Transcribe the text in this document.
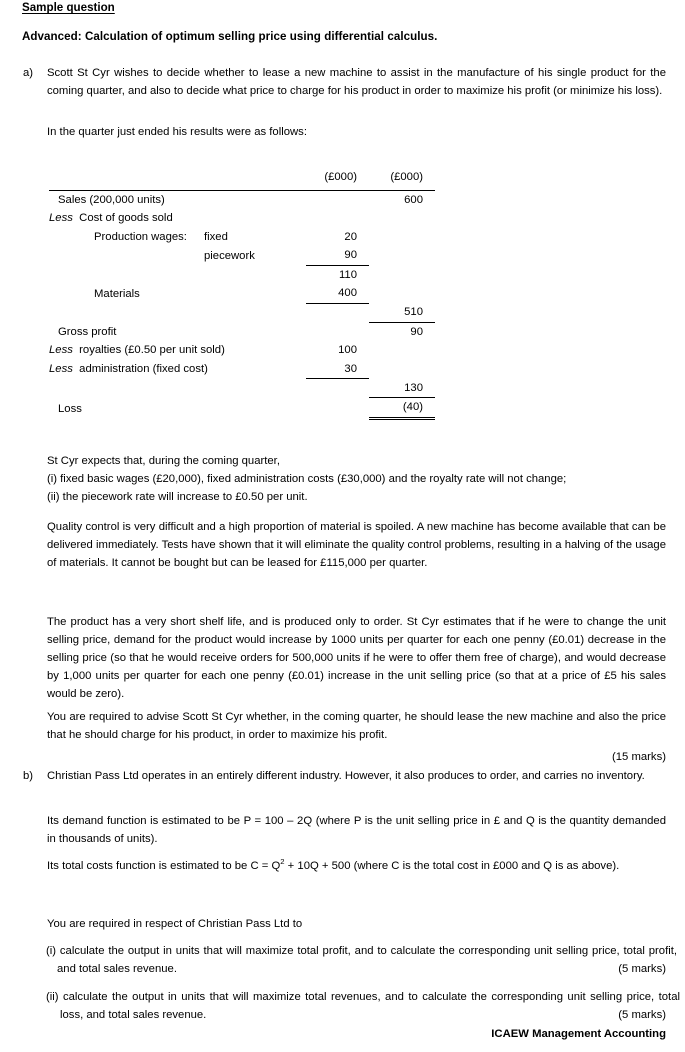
Sample question
Advanced: Calculation of optimum selling price using differential calculus.
a) Scott St Cyr wishes to decide whether to lease a new machine to assist in the manufacture of his single product for the coming quarter, and also to decide what price to charge for his product in order to maximize his profit (or minimize his loss).
In the quarter just ended his results were as follows:
	(£000)	(£000)

Sales (200,000 units)		600
Less Cost of goods sold		
Production wages: fixed	20	
piecework	90	
	110	
Materials	400	
		510
Gross profit		90
Less royalties (£0.50 per unit sold)	100	
Less administration (fixed cost)	30	
		130
Loss		(40)
St Cyr expects that, during the coming quarter,
(i) fixed basic wages (£20,000), fixed administration costs (£30,000) and the royalty rate will not change;
(ii) the piecework rate will increase to £0.50 per unit.
Quality control is very difficult and a high proportion of material is spoiled. A new machine has become available that can be delivered immediately. Tests have shown that it will eliminate the quality control problems, resulting in a halving of the usage of materials. It cannot be bought but can be leased for £115,000 per quarter.
The product has a very short shelf life, and is produced only to order. St Cyr estimates that if he were to change the unit selling price, demand for the product would increase by 1000 units per quarter for each one penny (£0.01) decrease in the selling price (so that he would receive orders for 500,000 units if he were to offer them free of charge), and would decrease by 1,000 units per quarter for each one penny (£0.01) increase in the unit selling price (so that at a price of £5 his sales would be zero).
You are required to advise Scott St Cyr whether, in the coming quarter, he should lease the new machine and also the price that he should charge for his product, in order to maximize his profit.
(15 marks)
b) Christian Pass Ltd operates in an entirely different industry. However, it also produces to order, and carries no inventory.
Its demand function is estimated to be P = 100 – 2Q (where P is the unit selling price in £ and Q is the quantity demanded in thousands of units).
Its total costs function is estimated to be $C = Q^2 + 10Q + 500$ (where C is the total cost in £000 and Q is as above).
You are required in respect of Christian Pass Ltd to
(i) calculate the output in units that will maximize total profit, and to calculate the corresponding unit selling price, total profit, and total sales revenue.	(5 marks)
(ii) calculate the output in units that will maximize total revenues, and to calculate the corresponding unit selling price, total loss, and total sales revenue.	(5 marks)
ICAEW Management Accounting
